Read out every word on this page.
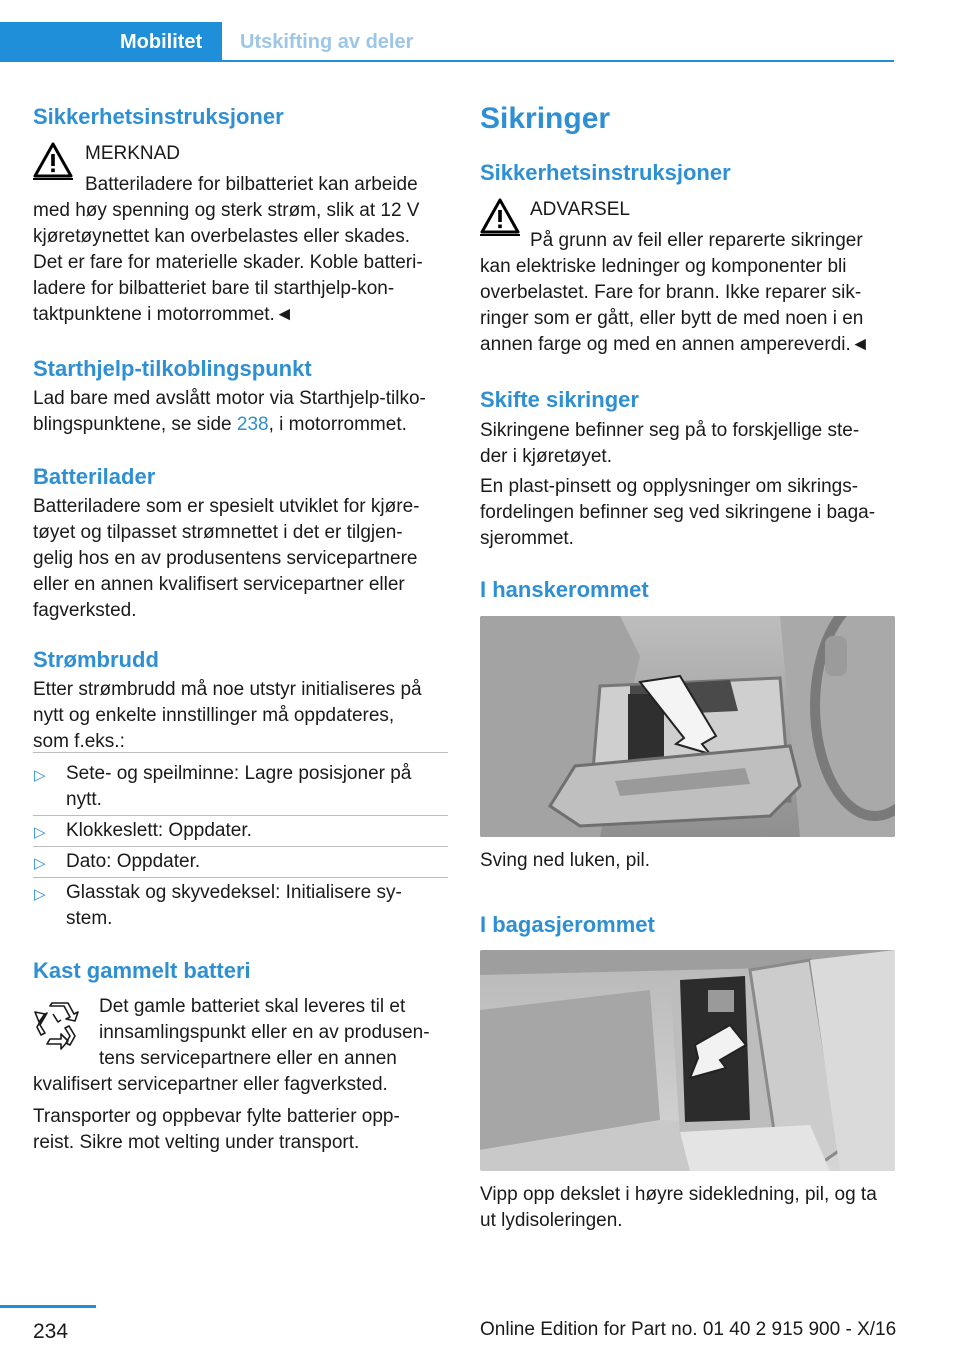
Mobilitet	Utskifting av deler
Sikkerhetsinstruksjoner
MERKNAD
Batteriladere for bilbatteriet kan arbeide
med høy spenning og sterk strøm, slik at 12 V
kjøretøynettet kan overbelastes eller skades.
Det er fare for materielle skader. Koble batteri-
ladere for bilbatteriet bare til starthjelp-kon-
taktpunktene i motorrommet.◄
Starthjelp-tilkoblingspunkt
Lad bare med avslått motor via Starthjelp-tilko-
blingspunktene, se side 238, i motorrommet.
Batterilader
Batteriladere som er spesielt utviklet for kjøre-
tøyet og tilpasset strømnettet i det er tilgjen-
gelig hos en av produsentens servicepartnere
eller en annen kvalifisert servicepartner eller
fagverksted.
Strømbrudd
Etter strømbrudd må noe utstyr initialiseres på
nytt og enkelte innstillinger må oppdateres,
som f.eks.:
▷ Sete- og speilminne: Lagre posisjoner på
nytt.
▷ Klokkeslett: Oppdater.
▷ Dato: Oppdater.
▷ Glasstak og skyvedeksel: Initialisere sy-
stem.
Kast gammelt batteri
Det gamle batteriet skal leveres til et
innsamlingspunkt eller en av produsen-
tens servicepartnere eller en annen
kvalifisert servicepartner eller fagverksted.
Transporter og oppbevar fylte batterier opp-
reist. Sikre mot velting under transport.
Sikringer
Sikkerhetsinstruksjoner
ADVARSEL
På grunn av feil eller reparerte sikringer
kan elektriske ledninger og komponenter bli
overbelastet. Fare for brann. Ikke reparer sik-
ringer som er gått, eller bytt de med noen i en
annen farge og med en annen ampereverdi.◄
Skifte sikringer
Sikringene befinner seg på to forskjellige ste-
der i kjøretøyet.
En plast-pinsett og opplysninger om sikrings-
fordelingen befinner seg ved sikringene i baga-
sjerommet.
I hanskerommet
Sving ned luken, pil.
I bagasjerommet
Vipp opp dekslet i høyre sidekledning, pil, og ta
ut lydisoleringen.
234	Online Edition for Part no. 01 40 2 915 900 - X/16
